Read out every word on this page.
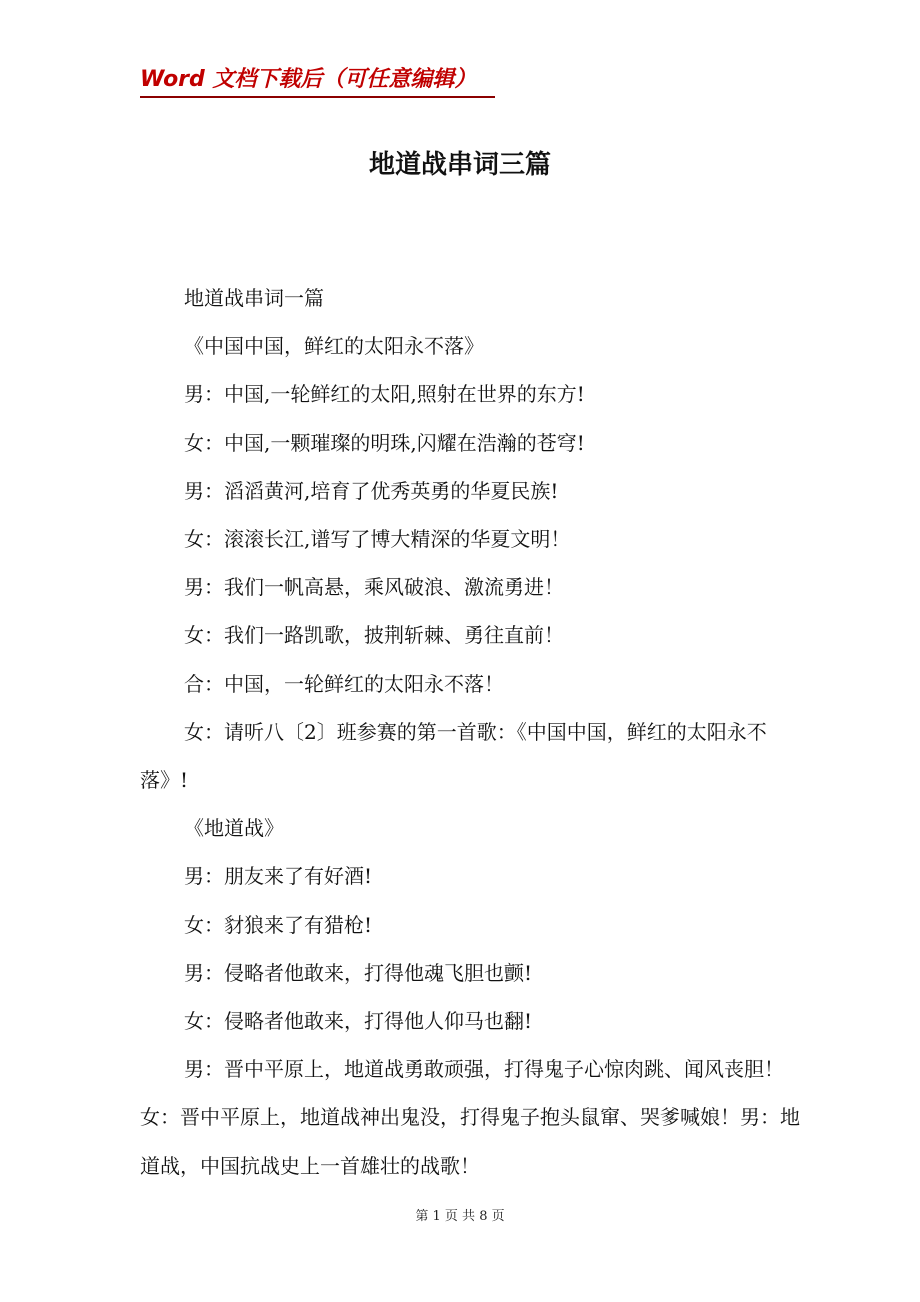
Word 文档下载后（可任意编辑）
地道战串词三篇

地道战串词一篇

《中国中国，鲜红的太阳永不落》

男：中国,一轮鲜红的太阳,照射在世界的东方!

女：中国,一颗璀璨的明珠,闪耀在浩瀚的苍穹!

男：滔滔黄河,培育了优秀英勇的华夏民族!

女：滚滚长江,谱写了博大精深的华夏文明！

男：我们一帆高悬，乘风破浪、激流勇进！

女：我们一路凯歌，披荆斩棘、勇往直前！

合：中国，一轮鲜红的太阳永不落！

女：请听八〔2〕班参赛的第一首歌：《中国中国，鲜红的太阳永不落》!

《地道战》

男：朋友来了有好酒!

女：豺狼来了有猎枪!

男：侵略者他敢来，打得他魂飞胆也颤!

女：侵略者他敢来，打得他人仰马也翻!

男：晋中平原上，地道战勇敢顽强，打得鬼子心惊肉跳、闻风丧胆！女：晋中平原上，地道战神出鬼没，打得鬼子抱头鼠窜、哭爹喊娘！男：地道战，中国抗战史上一首雄壮的战歌！

第 1 页 共 8 页
